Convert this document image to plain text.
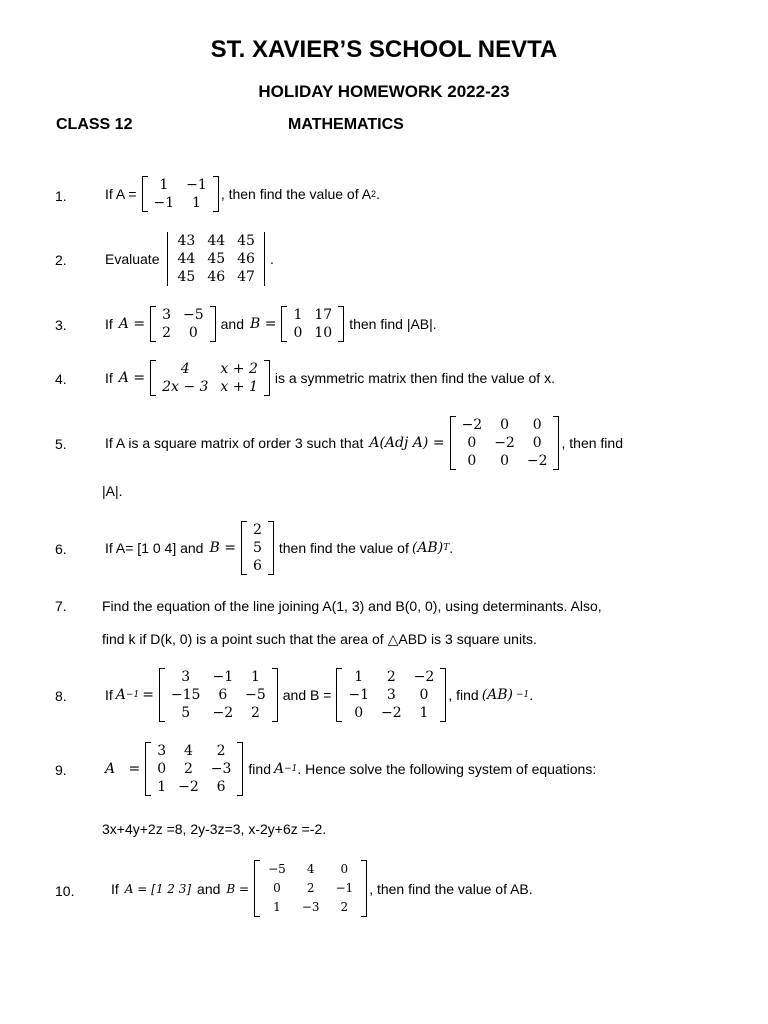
ST. XAVIER’S SCHOOL NEVTA
HOLIDAY HOMEWORK 2022-23
CLASS 12	MATHEMATICS
1.	If A =
1	−1
−1	1
, then find the value of A 2 .
2.	Evaluate
43	44	45
44	45	46
45	46	47
.
3.	If A =
3	−5
2	0
and B =
1	17
0	10
then find |AB|.
4.	If A =
4	x + 2
2x − 3	x + 1
is a symmetric matrix then find the value of x.
5.	If A is a square matrix of order 3 such that A(Adj A) =
−2	0	0
0	−2	0
0	0	−2
, then find
|A|.
6.	If A= [1 0 4] and B =
2
5
6
then find the value of (AB) T .
7.	Find the equation of the line joining A(1, 3) and B(0, 0), using determinants. Also,
find k if D(k, 0) is a point such that the area of △ABD is 3 square units.
8.	If A −1 =
3	−1	1
−15	6	−5
5	−2	2
and B =
1	2	−2
−1	3	0
0	−2	1
, find (AB) −1 .
9.	A   =
3	4	2
0	2	−3
1	−2	6
find A −1 . Hence solve the following system of equations:
3x+4y+2z =8, 2y-3z=3, x-2y+6z =-2.
10.	If A = [1 2 3] and B =
−5	4	0
0	2	−1
1	−3	2
, then find the value of AB.
